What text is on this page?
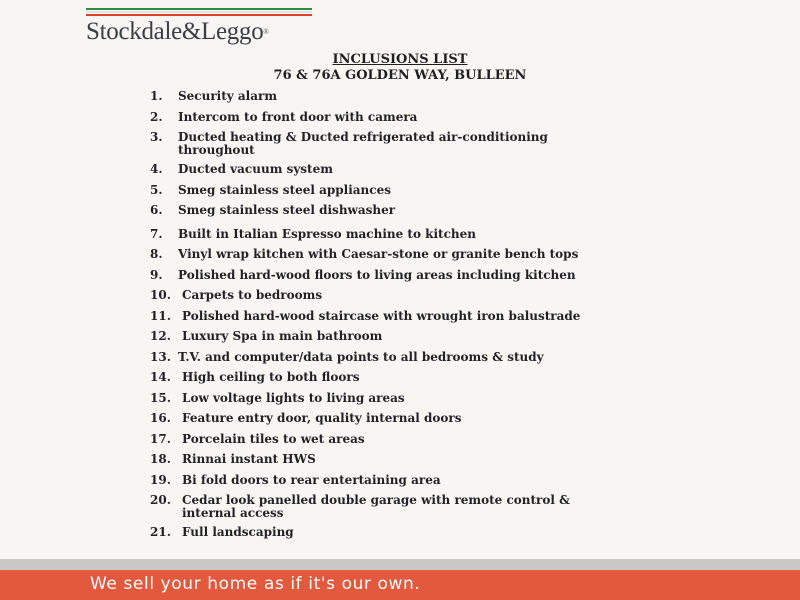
Stockdale&Leggo®
INCLUSIONS LIST
76 & 76A GOLDEN WAY, BULLEEN
1. Security alarm
2.Intercom to front door with camera
3. Ducted heating & Ducted refrigerated air-conditioning
throughout
4. Ducted vacuum system
5. Smeg stainless steel appliances
6. Smeg stainless steel dishwasher
7. Built in Italian Espresso machine to kitchen
8. Vinyl wrap kitchen with Caesar-stone or granite bench tops
9. Polished hard-wood floors to living areas including kitchen
10. Carpets to bedrooms
11. Polished hard-wood staircase with wrought iron balustrade
12. Luxury Spa in main bathroom
13. T.V. and computer/data points to all bedrooms & study
14. High ceiling to both floors
15. Low voltage lights to living areas
16. Feature entry door, quality internal doors
17. Porcelain tiles to wet areas
18. Rinnai instant HWS
19. Bi fold doors to rear entertaining area
20. Cedar look panelled double garage with remote control &
internal access
21. Full landscaping
We sell your home as if it's our own.
